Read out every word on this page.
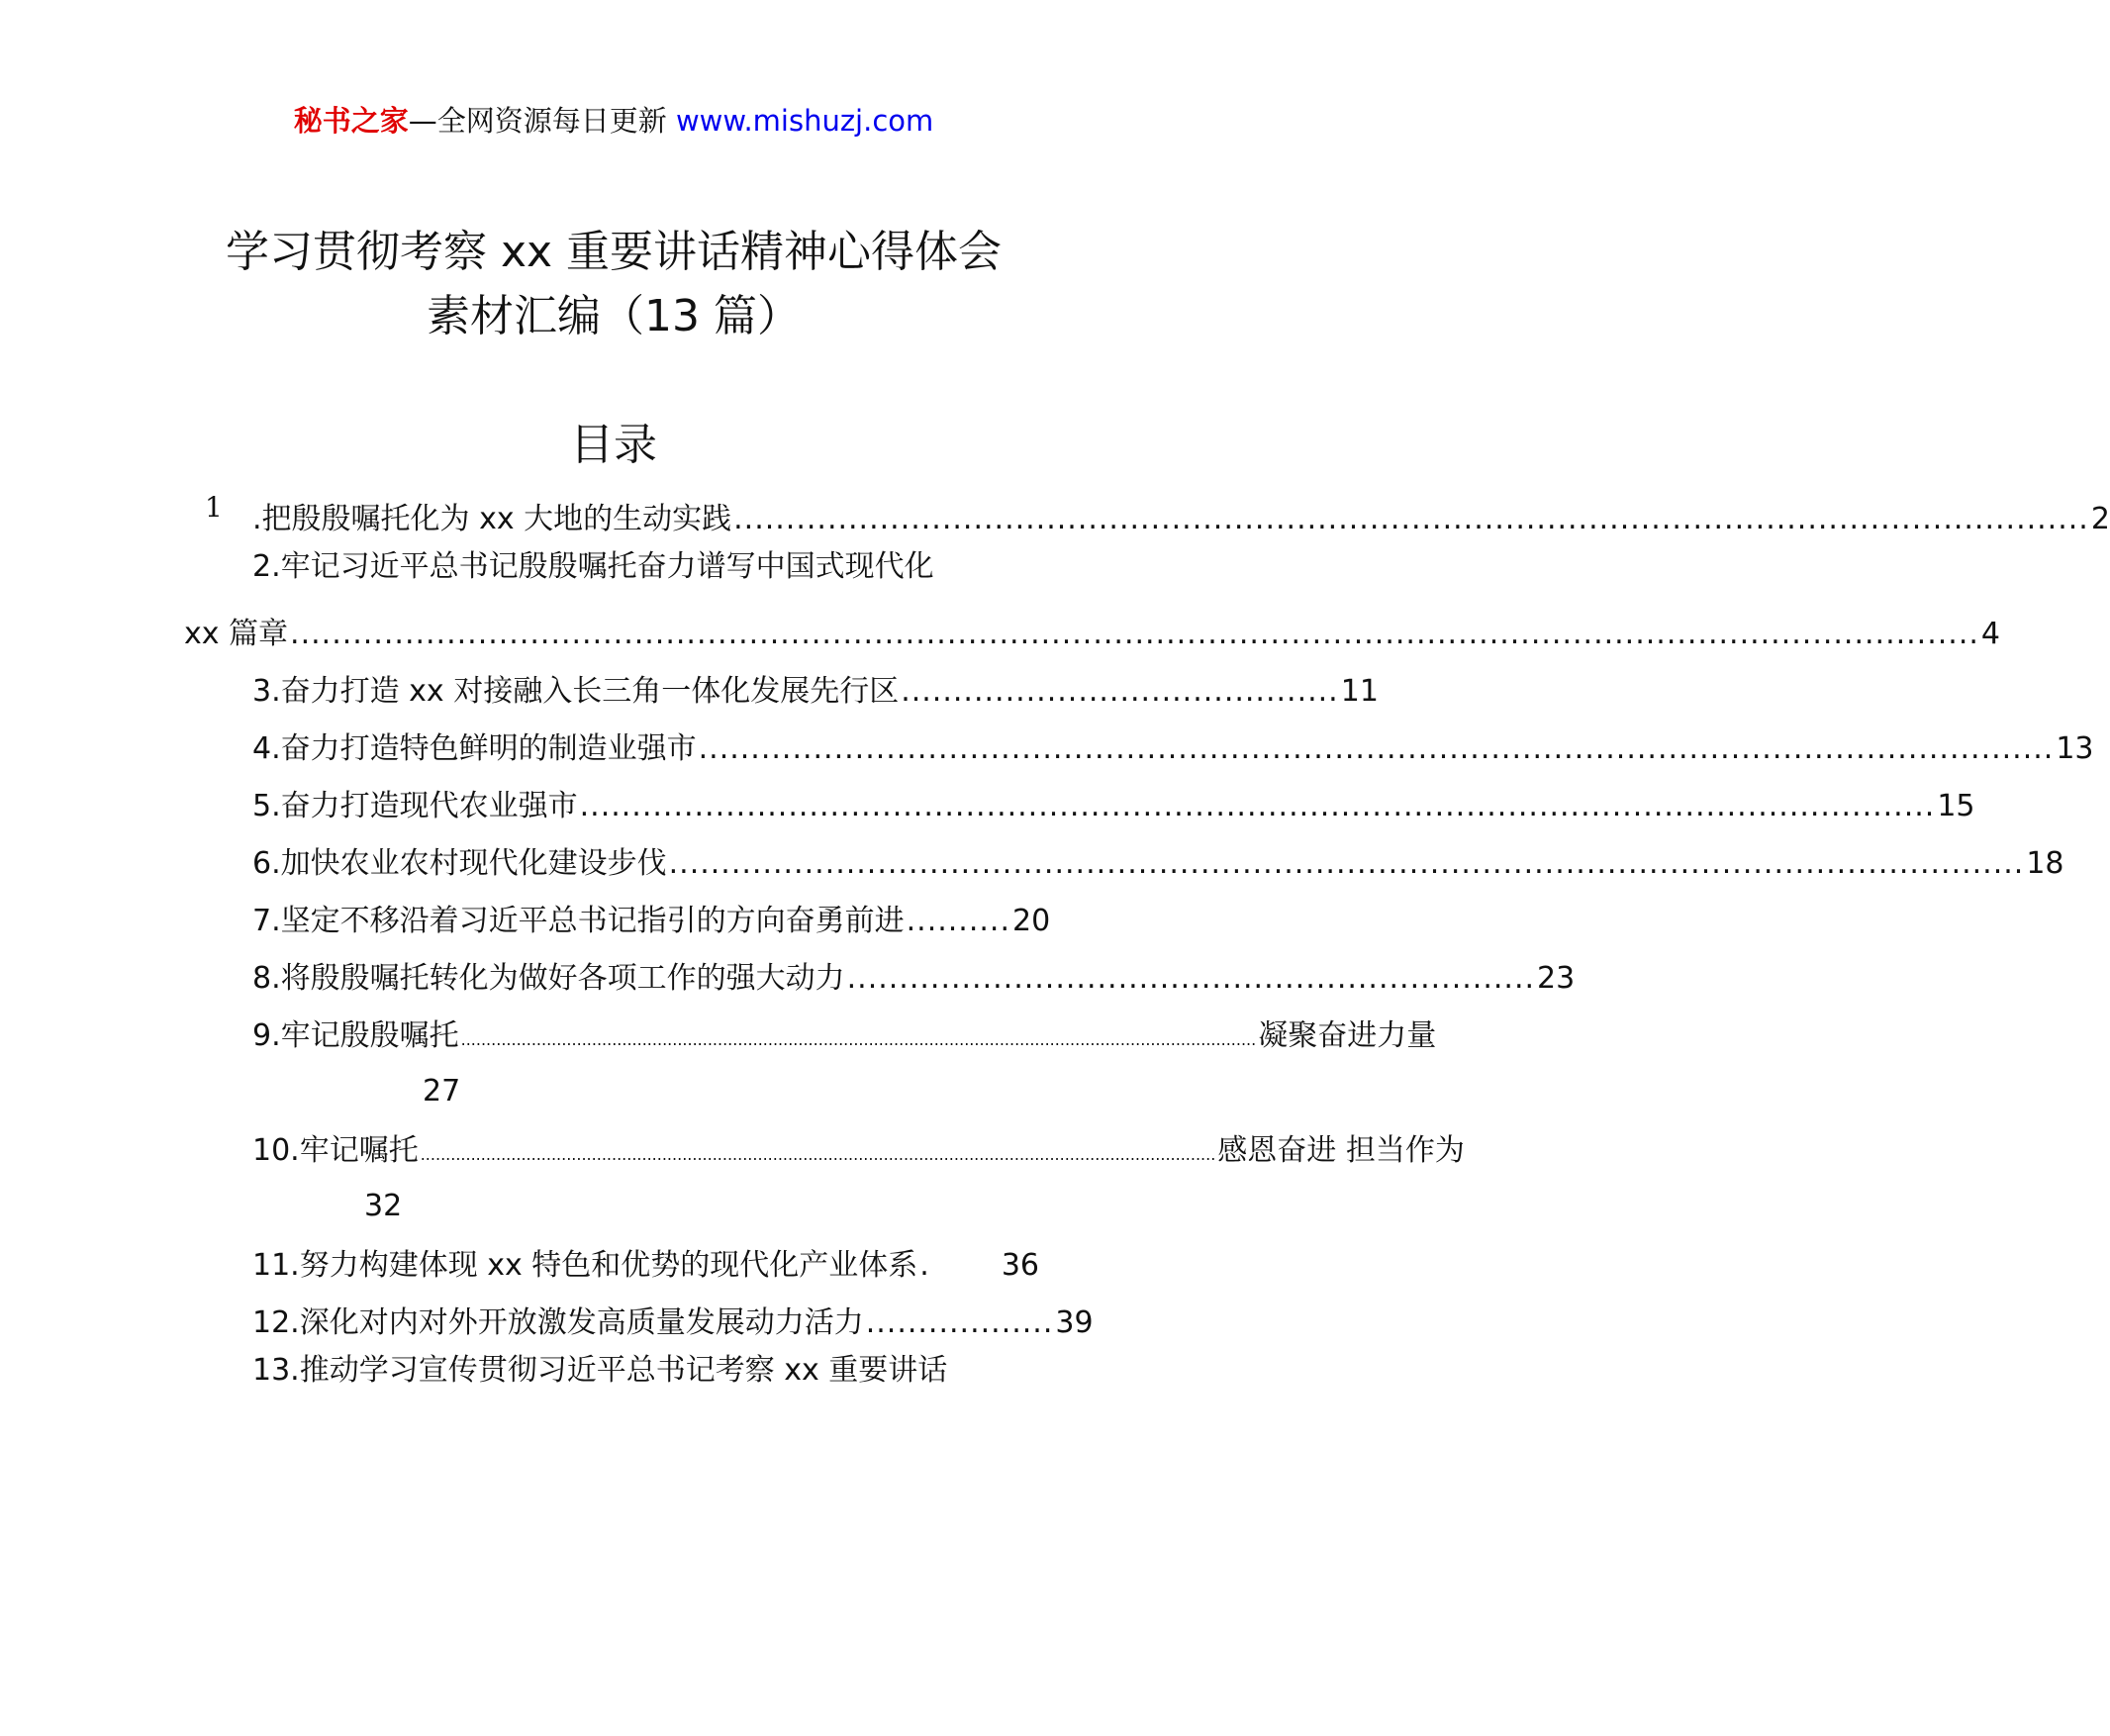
秘书之家—全网资源每日更新 www.mishuzj.com
学习贯彻考察 xx 重要讲话精神心得体会
素材汇编（13 篇）
目录
1 .把殷殷嘱托化为 xx 大地的生动实践 .................................................................................................................................. 2
2.牢记习近平总书记殷殷嘱托奋力谱写中国式现代化
xx 篇章 .................................................................................................................................................................. 4
3.奋力打造 xx 对接融入长三角一体化发展先行区 .......................................... 11
4.奋力打造特色鲜明的制造业强市 .................................................................................................................................. 13
5.奋力打造现代农业强市 .................................................................................................................................. 15
6.加快农业农村现代化建设步伐 .................................................................................................................................. 18
7.坚定不移沿着习近平总书记指引的方向奋勇前进 .......... 20
8.将殷殷嘱托转化为做好各项工作的强大动力 .................................................................. 23
9.牢记殷殷嘱托 .............................................................................................................................................................. 凝聚奋进力量
27
10.牢记嘱托 .............................................................................................................................................................. 感恩奋进 担当作为
32
11.努力构建体现 xx 特色和优势的现代化产业体系 .	36
12.深化对内对外开放激发高质量发展动力活力 .................. 39
13.推动学习宣传贯彻习近平总书记考察 xx 重要讲话
